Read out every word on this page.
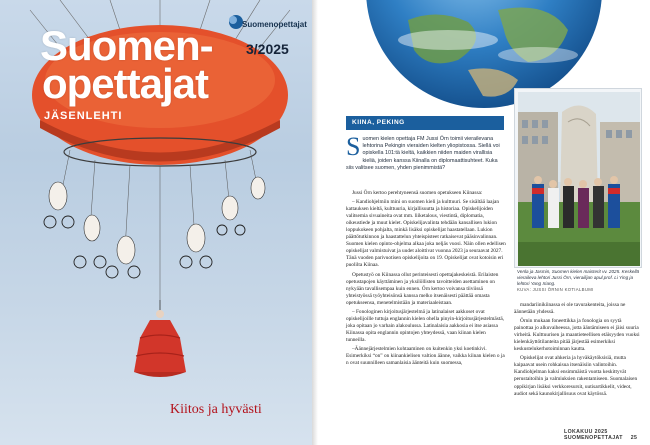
Suomenopettajat
3/2025
Suomen-
opettajat
JÄSENLEHTI
Kiitos ja hyvästi
KIINA, PEKING
S uomen kielen opettaja FM Jussi Örn toimii vierailevana lehtorina Pekingin vieraiden kielten yliopistossa. Siellä voi opiskella 101:tä kieltä, kaikkien niiden maiden virallisia kieliä, joiden kanssa Kiinalla on diplomaattisuhteet. Kuka siis valitsee suomen, yhden pienimmistä?

Jussi Örn kertoo perehtyneensä suomen opetukseen Kiinassa:

– Kandiohjelmiin mini on suomen kieli ja kulttuuri. Se sisältää laajan kattauksen kieltä, kulttuuria, kirjallisuutta ja historiaa. Opiskelijoiden valitsemia sivuaineita ovat mm. liiketalous, viestintä, diplomatia, oikeustiede ja muut kielet. Opiskelijavalinta tehdään kansallisen lukion loppukokeen pohjalta, minkä lisäksi opiskelijat haastatellaan. Lukion päättötutkinnon ja haastattelun yhteispisteet ratkaisevat pääsinvalinnan. Suomen kielen opinto-ohjelma alkaa joka neljäs vuosi. Näin ollen edellisen opiskelijat valmistuivat ja uudet aloittivat vuonna 2023 ja seuraavat 2027. Tänä vuoden parivuotisen opiskelijoita on 19. Opiskelijat ovat kotoisin eri puolilta Kiinaa.

Opetustyö on Kiinassa ollut perinteisesti opettajakeskeistä. Erilaisten opetustapojen käyttäminen ja yksilöllisten tavoitteiden asettaminen on nykyään tavallisempaa kuin ennen. Örn kertoo voivansa tiiviissä yhteistyössä työyhteisönsä kanssa melko itsenäisesti päättää omasta opetukseensa, menetelmistään ja materiaaleistaan.

– Fonologinen kirjoitusjärjestelmä ja latinalaiset aakkoset ovat opiskelijoille tuttuja englannin kielen ohella pinyin-kirjoitusjärjestelmästä, joka opitaan jo varhain alakoulussa. Latinalaisia aakkosia ei itse asiassa Kiinassa opita englannin opintojen yhteydessä, vaan kiinan kielen tunneilla.

–Äännejärjestelmien kohtaaminen on kuitenkin yksi koetinkivi. Esimerkiksi “on” on kiinankielisen valtion äänne, vaikka kiinan kielen o ja n ovat suunnilleen samanlaisia äänteitä kuin suomessa,

Venla ja Jasmin, Suomen kielen maisterit vv. 2025. Keskellä vieraileva lehtori Jussi Örn, vierailijan apul.prof. Li Ying ja lehtori Yang Xiang.
KUVA: JUSSI ÖRNIN KOTIALBUMI

mandariinikiinassa ei ole tavurakenteita, joissa ne äännetään yhdessä.

Örnin mukaan foneettikka ja fonologia on syytä painottaa jo alkuvaiheessa, jotta ääntämiseen ei jäisi suuria virheitä. Kulttuurisen ja maantieteellisen etäisyyden vuoksi kielenkäyttötilanteita pitää järjestää esimerkiksi keskustelukerhotoiminnan kautta.

Opiskelijat ovat ahkeria ja hyväkäytöksisiä, mutta kaipaavat usein rohkaisua itsenäisiin valintoihin. Kandiohjelman kaksi ensimmäistä vuotta keskittyvät perustaitoihin ja valmiuksien rakentamiseen. Suomalaisen oppikirjan lisäksi verkkoresursit, uutisartikkelit, videot, audiot sekä kaunokirjallisuus ovat käytössä.

LOKAKUU 2025 SUOMENOPETTAJAT 25
